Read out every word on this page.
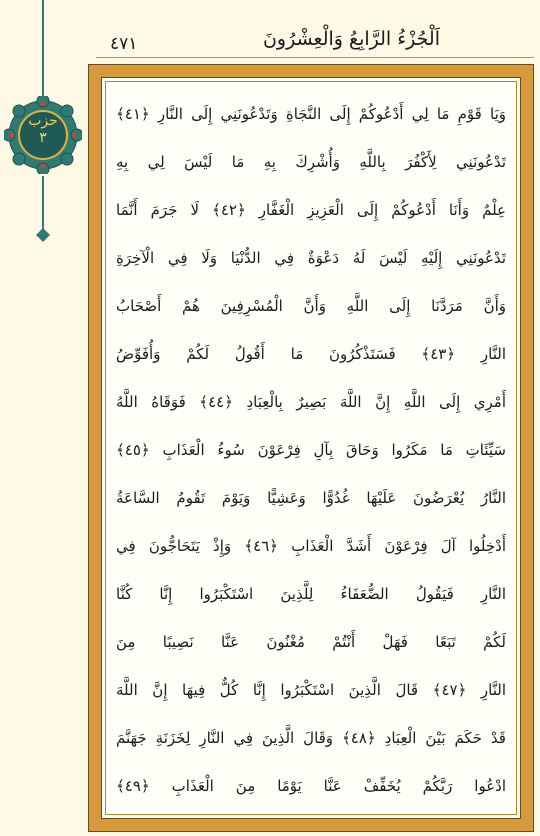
حزب
٣
٤٧١	اَلْجُزْءُ الرَّابِعُ وَالْعِشْرُونَ
وَيَا قَوْمِ مَا لِي أَدْعُوكُمْ إِلَى النَّجَاةِ وَتَدْعُونَنِي إِلَى النَّارِ ﴿٤١﴾
تَدْعُونَنِي لِأَكْفُرَ بِاللَّهِ وَأُشْرِكَ بِهِ مَا لَيْسَ لِي بِهِ
عِلْمٌ وَأَنَا أَدْعُوكُمْ إِلَى الْعَزِيزِ الْغَفَّارِ ﴿٤٢﴾ لَا جَرَمَ أَنَّمَا
تَدْعُونَنِي إِلَيْهِ لَيْسَ لَهُ دَعْوَةٌ فِي الدُّنْيَا وَلَا فِي الْآخِرَةِ
وَأَنَّ مَرَدَّنَا إِلَى اللَّهِ وَأَنَّ الْمُسْرِفِينَ هُمْ أَصْحَابُ
النَّارِ ﴿٤٣﴾ فَسَتَذْكُرُونَ مَا أَقُولُ لَكُمْ وَأُفَوِّضُ
أَمْرِي إِلَى اللَّهِ إِنَّ اللَّهَ بَصِيرٌ بِالْعِبَادِ ﴿٤٤﴾ فَوَقَاهُ اللَّهُ
سَيِّئَاتِ مَا مَكَرُوا وَحَاقَ بِآلِ فِرْعَوْنَ سُوءُ الْعَذَابِ ﴿٤٥﴾
النَّارُ يُعْرَضُونَ عَلَيْهَا غُدُوًّا وَعَشِيًّا وَيَوْمَ تَقُومُ السَّاعَةُ
أَدْخِلُوا آلَ فِرْعَوْنَ أَشَدَّ الْعَذَابِ ﴿٤٦﴾ وَإِذْ يَتَحَاجُّونَ فِي
النَّارِ فَيَقُولُ الضُّعَفَاءُ لِلَّذِينَ اسْتَكْبَرُوا إِنَّا كُنَّا
لَكُمْ تَبَعًا فَهَلْ أَنْتُمْ مُغْنُونَ عَنَّا نَصِيبًا مِنَ
النَّارِ ﴿٤٧﴾ قَالَ الَّذِينَ اسْتَكْبَرُوا إِنَّا كُلٌّ فِيهَا إِنَّ اللَّهَ
قَدْ حَكَمَ بَيْنَ الْعِبَادِ ﴿٤٨﴾ وَقَالَ الَّذِينَ فِي النَّارِ لِخَزَنَةِ جَهَنَّمَ
ادْعُوا رَبَّكُمْ يُخَفِّفْ عَنَّا يَوْمًا مِنَ الْعَذَابِ ﴿٤٩﴾
